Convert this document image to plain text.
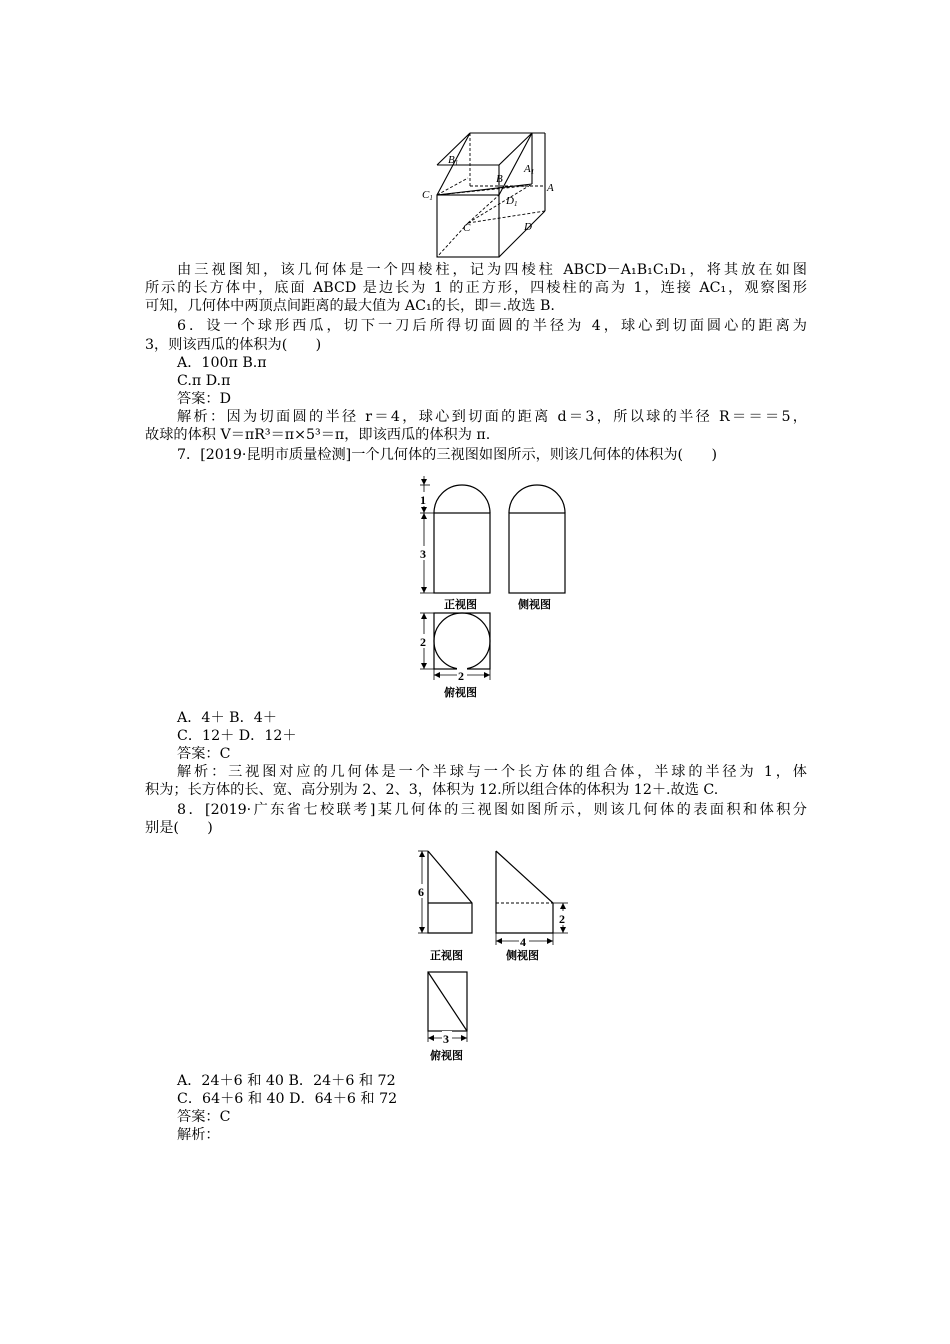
B1	A1
C1
A
B
D1
C	D
由三视图知，该几何体是一个四棱柱，记为四棱柱 ABCD－A₁B₁C₁D₁，将其放在如图
所示的长方体中，底面 ABCD 是边长为 1 的正方形，四棱柱的高为 1，连接 AC₁，观察图形
可知，几何体中两顶点间距离的最大值为 AC₁的长，即＝.故选 B.
6．设一个球形西瓜，切下一刀后所得切面圆的半径为 4，球心到切面圆心的距离为
3，则该西瓜的体积为(　　)
A．100π B.π
C.π D.π
答案：D
解析：因为切面圆的半径 r＝4，球心到切面的距离 d＝3，所以球的半径 R＝＝＝5，
故球的体积 V＝πR³＝π×5³＝π，即该西瓜的体积为 π.
7．[2019·昆明市质量检测]一个几何体的三视图如图所示，则该几何体的体积为(　　)
1
3
2
2
正视图	侧视图
俯视图
A．4＋ B．4＋
C．12＋ D．12＋
答案：C
解析：三视图对应的几何体是一个半球与一个长方体的组合体，半球的半径为 1，体
积为；长方体的长、宽、高分别为 2、2、3，体积为 12.所以组合体的体积为 12＋.故选 C.
8．[2019·广东省七校联考]某几何体的三视图如图所示，则该几何体的表面积和体积分
别是(　　)
6
2
4
3
正视图	侧视图
俯视图
A．24＋6 和 40 B．24＋6 和 72
C．64＋6 和 40 D．64＋6 和 72
答案：C
解析：
